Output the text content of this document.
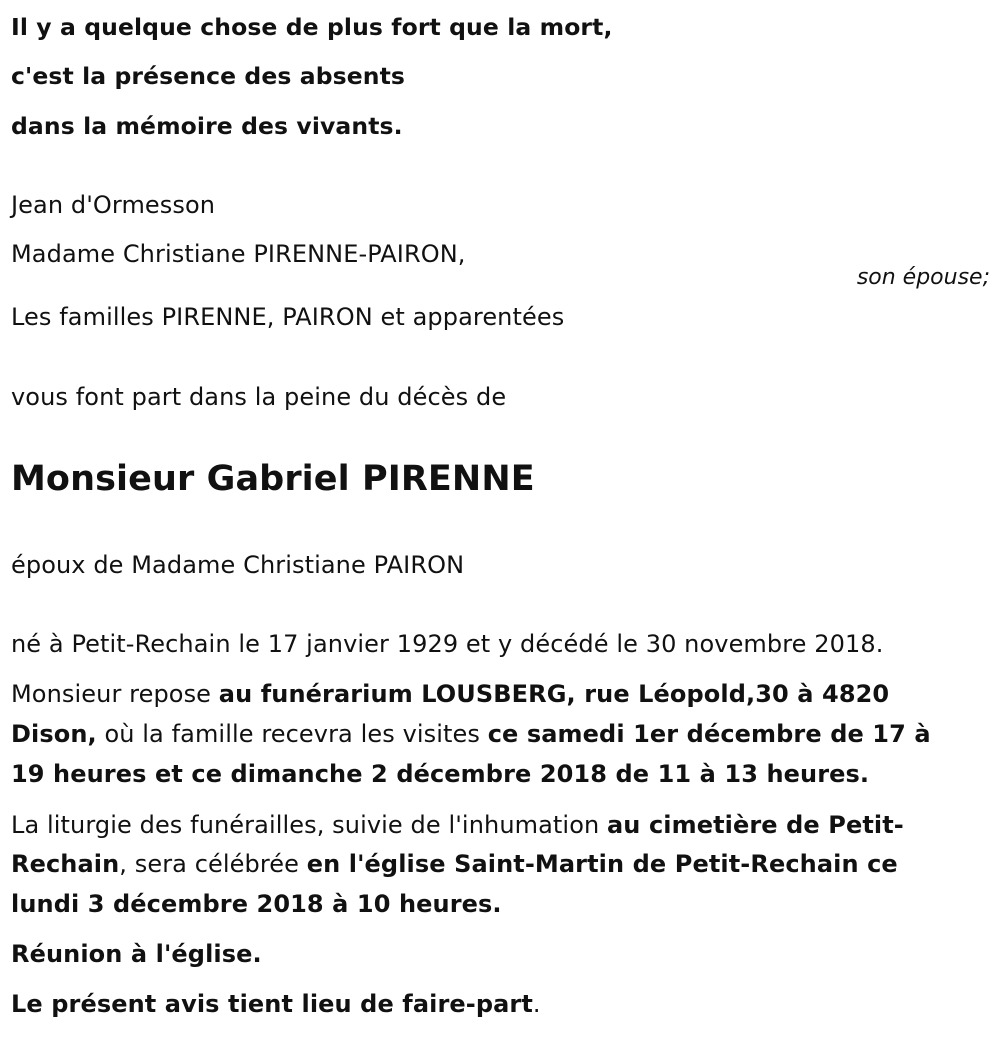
Il y a quelque chose de plus fort que la mort,
c'est la présence des absents
dans la mémoire des vivants.
Jean d'Ormesson
Madame Christiane PIRENNE-PAIRON,
son épouse;
Les familles PIRENNE, PAIRON et apparentées
vous font part dans la peine du décès de
Monsieur Gabriel PIRENNE
époux de Madame Christiane PAIRON
né à Petit-Rechain le 17 janvier 1929 et y décédé le 30 novembre 2018.
Monsieur repose au funérarium LOUSBERG, rue Léopold,30 à 4820
Dison, où la famille recevra les visites ce samedi 1er décembre de 17 à
19 heures et ce dimanche 2 décembre 2018 de 11 à 13 heures.
La liturgie des funérailles, suivie de l'inhumation au cimetière de Petit-
Rechain, sera célébrée en l'église Saint-Martin de Petit-Rechain ce
lundi 3 décembre 2018 à 10 heures.
Réunion à l'église.
Le présent avis tient lieu de faire-part.
